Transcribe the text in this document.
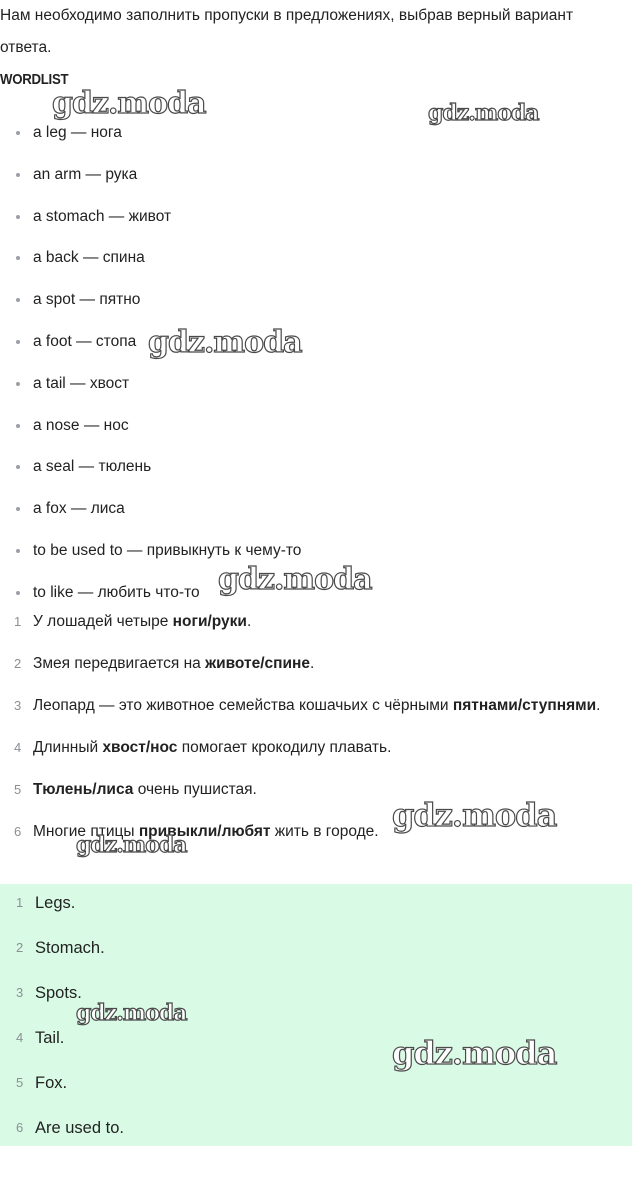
Нам необходимо заполнить пропуски в предложениях, выбрав верный вариант ответа.
WORDLIST
a leg — нога
an arm — рука
a stomach — живот
a back — спина
a spot — пятно
a foot — стопа
a tail — хвост
a nose — нос
a seal — тюлень
a fox — лиса
to be used to — привыкнуть к чему-то
to like — любить что-то
1 У лошадей четыре ноги/руки.
2 Змея передвигается на животе/спине.
3 Леопард — это животное семейства кошачьих с чёрными пятнами/ступнями.
4 Длинный хвост/нос помогает крокодилу плавать.
5 Тюлень/лиса очень пушистая.
6 Многие птицы привыкли/любят жить в городе.
1 Legs.
2 Stomach.
3 Spots.
4 Tail.
5 Fox.
6 Are used to.
gdz.moda	gdz.moda
gdz.moda
gdz.moda
gdz.moda
gdz.moda
gdz.moda
gdz.moda
